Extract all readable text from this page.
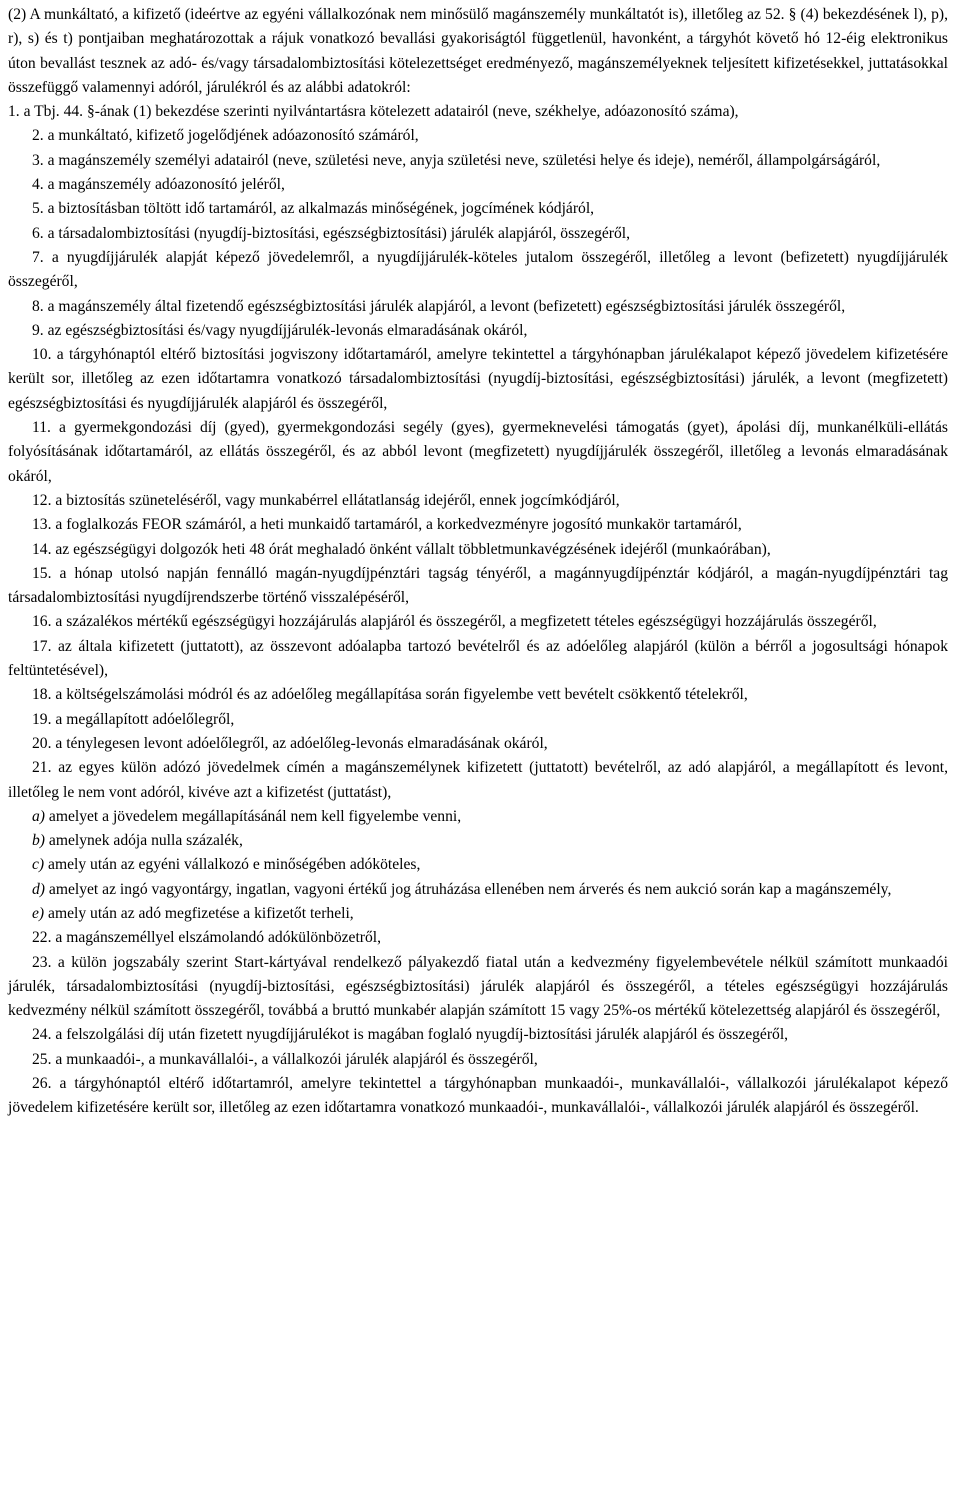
(2) A munkáltató, a kifizető (ideértve az egyéni vállalkozónak nem minősülő magánszemély munkáltatót is), illetőleg az 52. § (4) bekezdésének l), p), r), s) és t) pontjaiban meghatározottak a rájuk vonatkozó bevallási gyakoriságtól függetlenül, havonként, a tárgyhót követő hó 12-éig elektronikus úton bevallást tesznek az adó- és/vagy társadalombiztosítási kötelezettséget eredményező, magánszemélyeknek teljesített kifizetésekkel, juttatásokkal összefüggő valamennyi adóról, járulékról és az alábbi adatokról:

1. a Tbj. 44. §-ának (1) bekezdése szerinti nyilvántartásra kötelezett adatairól (neve, székhelye, adóazonosító száma),

2. a munkáltató, kifizető jogelődjének adóazonosító számáról,

3. a magánszemély személyi adatairól (neve, születési neve, anyja születési neve, születési helye és ideje), neméről, állampolgárságáról,

4. a magánszemély adóazonosító jeléről,

5. a biztosításban töltött idő tartamáról, az alkalmazás minőségének, jogcímének kódjáról,

6. a társadalombiztosítási (nyugdíj-biztosítási, egészségbiztosítási) járulék alapjáról, összegéről,

7. a nyugdíjjárulék alapját képező jövedelemről, a nyugdíjjárulék-köteles jutalom összegéről, illetőleg a levont (befizetett) nyugdíjjárulék összegéről,

8. a magánszemély által fizetendő egészségbiztosítási járulék alapjáról, a levont (befizetett) egészségbiztosítási járulék összegéről,

9. az egészségbiztosítási és/vagy nyugdíjjárulék-levonás elmaradásának okáról,

10. a tárgyhónaptól eltérő biztosítási jogviszony időtartamáról, amelyre tekintettel a tárgyhónapban járulékalapot képező jövedelem kifizetésére került sor, illetőleg az ezen időtartamra vonatkozó társadalombiztosítási (nyugdíj-biztosítási, egészségbiztosítási) járulék, a levont (megfizetett) egészségbiztosítási és nyugdíjjárulék alapjáról és összegéről,

11. a gyermekgondozási díj (gyed), gyermekgondozási segély (gyes), gyermeknevelési támogatás (gyet), ápolási díj, munkanélküli-ellátás folyósításának időtartamáról, az ellátás összegéről, és az abból levont (megfizetett) nyugdíjjárulék összegéről, illetőleg a levonás elmaradásának okáról,

12. a biztosítás szüneteléséről, vagy munkabérrel ellátatlanság idejéről, ennek jogcímkódjáról,

13. a foglalkozás FEOR számáról, a heti munkaidő tartamáról, a korkedvezményre jogosító munkakör tartamáról,

14. az egészségügyi dolgozók heti 48 órát meghaladó önként vállalt többletmunkavégzésének idejéről (munkaórában),

15. a hónap utolsó napján fennálló magán-nyugdíjpénztári tagság tényéről, a magánnyugdíjpénztár kódjáról, a magán-nyugdíjpénztári tag társadalombiztosítási nyugdíjrendszerbe történő visszalépéséről,

16. a százalékos mértékű egészségügyi hozzájárulás alapjáról és összegéről, a megfizetett tételes egészségügyi hozzájárulás összegéről,

17. az általa kifizetett (juttatott), az összevont adóalapba tartozó bevételről és az adóelőleg alapjáról (külön a bérről a jogosultsági hónapok feltüntetésével),

18. a költségelszámolási módról és az adóelőleg megállapítása során figyelembe vett bevételt csökkentő tételekről,

19. a megállapított adóelőlegről,

20. a ténylegesen levont adóelőlegről, az adóelőleg-levonás elmaradásának okáról,

21. az egyes külön adózó jövedelmek címén a magánszemélynek kifizetett (juttatott) bevételről, az adó alapjáról, a megállapított és levont, illetőleg le nem vont adóról, kivéve azt a kifizetést (juttatást),

a) amelyet a jövedelem megállapításánál nem kell figyelembe venni,

b) amelynek adója nulla százalék,

c) amely után az egyéni vállalkozó e minőségében adóköteles,

d) amelyet az ingó vagyontárgy, ingatlan, vagyoni értékű jog átruházása ellenében nem árverés és nem aukció során kap a magánszemély,

e) amely után az adó megfizetése a kifizetőt terheli,

22. a magánszeméllyel elszámolandó adókülönbözetről,

23. a külön jogszabály szerint Start-kártyával rendelkező pályakezdő fiatal után a kedvezmény figyelembevétele nélkül számított munkaadói járulék, társadalombiztosítási (nyugdíj-biztosítási, egészségbiztosítási) járulék alapjáról és összegéről, a tételes egészségügyi hozzájárulás kedvezmény nélkül számított összegéről, továbbá a bruttó munkabér alapján számított 15 vagy 25%-os mértékű kötelezettség alapjáról és összegéről,

24. a felszolgálási díj után fizetett nyugdíjjárulékot is magában foglaló nyugdíj-biztosítási járulék alapjáról és összegéről,

25. a munkaadói-, a munkavállalói-, a vállalkozói járulék alapjáról és összegéről,

26. a tárgyhónaptól eltérő időtartamról, amelyre tekintettel a tárgyhónapban munkaadói-, munkavállalói-, vállalkozói járulékalapot képező jövedelem kifizetésére került sor, illetőleg az ezen időtartamra vonatkozó munkaadói-, munkavállalói-, vállalkozói járulék alapjáról és összegéről.
